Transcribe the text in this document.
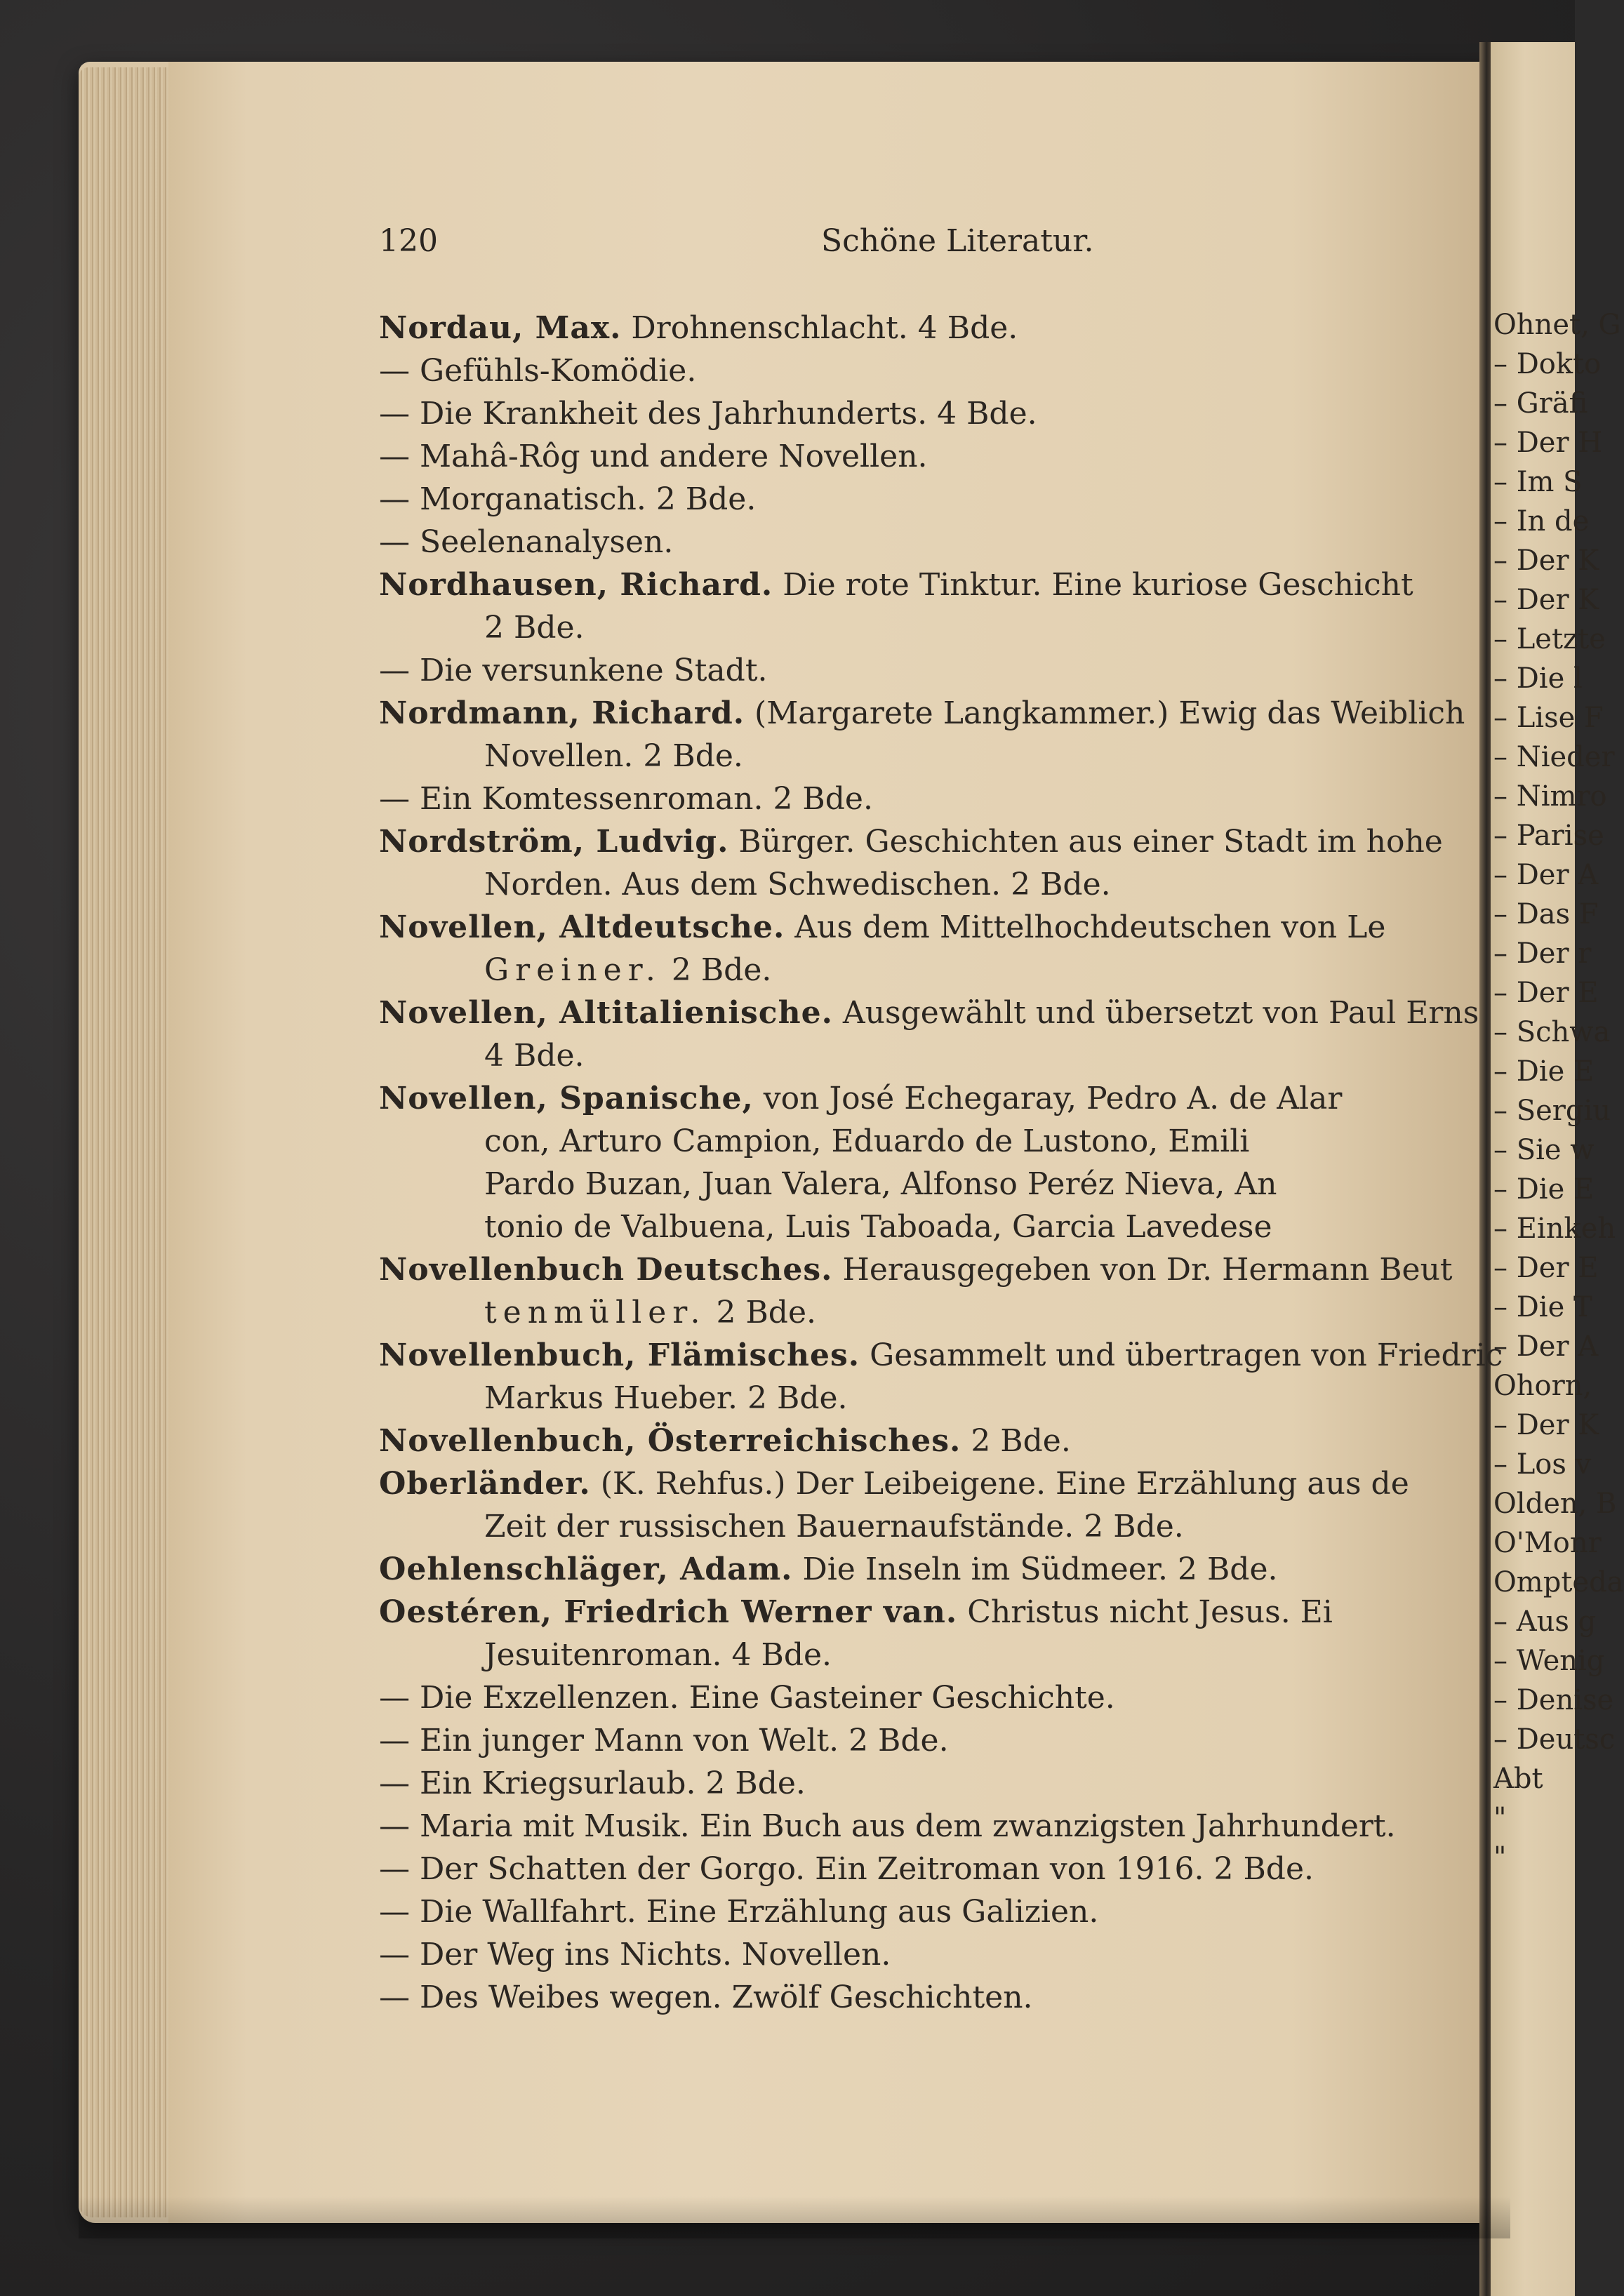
Ohnet, G
– Dokto
– Gräfi
– Der H
– Im S
– In de
– Der K
– Der K
– Letzte
– Die l
– Lise F
– Nieder
– Nimro
– Parise
– Der A
– Das F
– Der r
– Der E
– Schwa
– Die E
– Sergiu
– Sie w
– Die E
– Einkeh
– Der E
– Die T
– Der A
Ohorn,
– Der K
– Los v
Olden, B
O'Monr
Ompteda
– Aus g
– Wenig
– Denise
– Deutsc
Abt
"
"
120	Schöne Literatur.
Nordau, Max. Drohnenschlacht. 4 Bde.
— Gefühls-Komödie.
— Die Krankheit des Jahrhunderts. 4 Bde.
— Mahâ-Rôg und andere Novellen.
— Morganatisch. 2 Bde.
— Seelenanalysen.
Nordhausen, Richard. Die rote Tinktur. Eine kuriose Geschicht
2 Bde.
— Die versunkene Stadt.
Nordmann, Richard. (Margarete Langkammer.) Ewig das Weiblich
Novellen. 2 Bde.
— Ein Komtessenroman. 2 Bde.
Nordström, Ludvig. Bürger. Geschichten aus einer Stadt im hohe
Norden. Aus dem Schwedischen. 2 Bde.
Novellen, Altdeutsche. Aus dem Mittelhochdeutschen von Le
Greiner. 2 Bde.
Novellen, Altitalienische. Ausgewählt und übersetzt von Paul Erns
4 Bde.
Novellen, Spanische, von José Echegaray, Pedro A. de Alar
con, Arturo Campion, Eduardo de Lustono, Emili
Pardo Buzan, Juan Valera, Alfonso Peréz Nieva, An
tonio de Valbuena, Luis Taboada, Garcia Lavedese
Novellenbuch Deutsches. Herausgegeben von Dr. Hermann Beut
tenmüller. 2 Bde.
Novellenbuch, Flämisches. Gesammelt und übertragen von Friedric
Markus Hueber. 2 Bde.
Novellenbuch, Österreichisches. 2 Bde.
Oberländer. (K. Rehfus.) Der Leibeigene. Eine Erzählung aus de
Zeit der russischen Bauernaufstände. 2 Bde.
Oehlenschläger, Adam. Die Inseln im Südmeer. 2 Bde.
Oestéren, Friedrich Werner van. Christus nicht Jesus. Ei
Jesuitenroman. 4 Bde.
— Die Exzellenzen. Eine Gasteiner Geschichte.
— Ein junger Mann von Welt. 2 Bde.
— Ein Kriegsurlaub. 2 Bde.
— Maria mit Musik. Ein Buch aus dem zwanzigsten Jahrhundert.
— Der Schatten der Gorgo. Ein Zeitroman von 1916. 2 Bde.
— Die Wallfahrt. Eine Erzählung aus Galizien.
— Der Weg ins Nichts. Novellen.
— Des Weibes wegen. Zwölf Geschichten.
